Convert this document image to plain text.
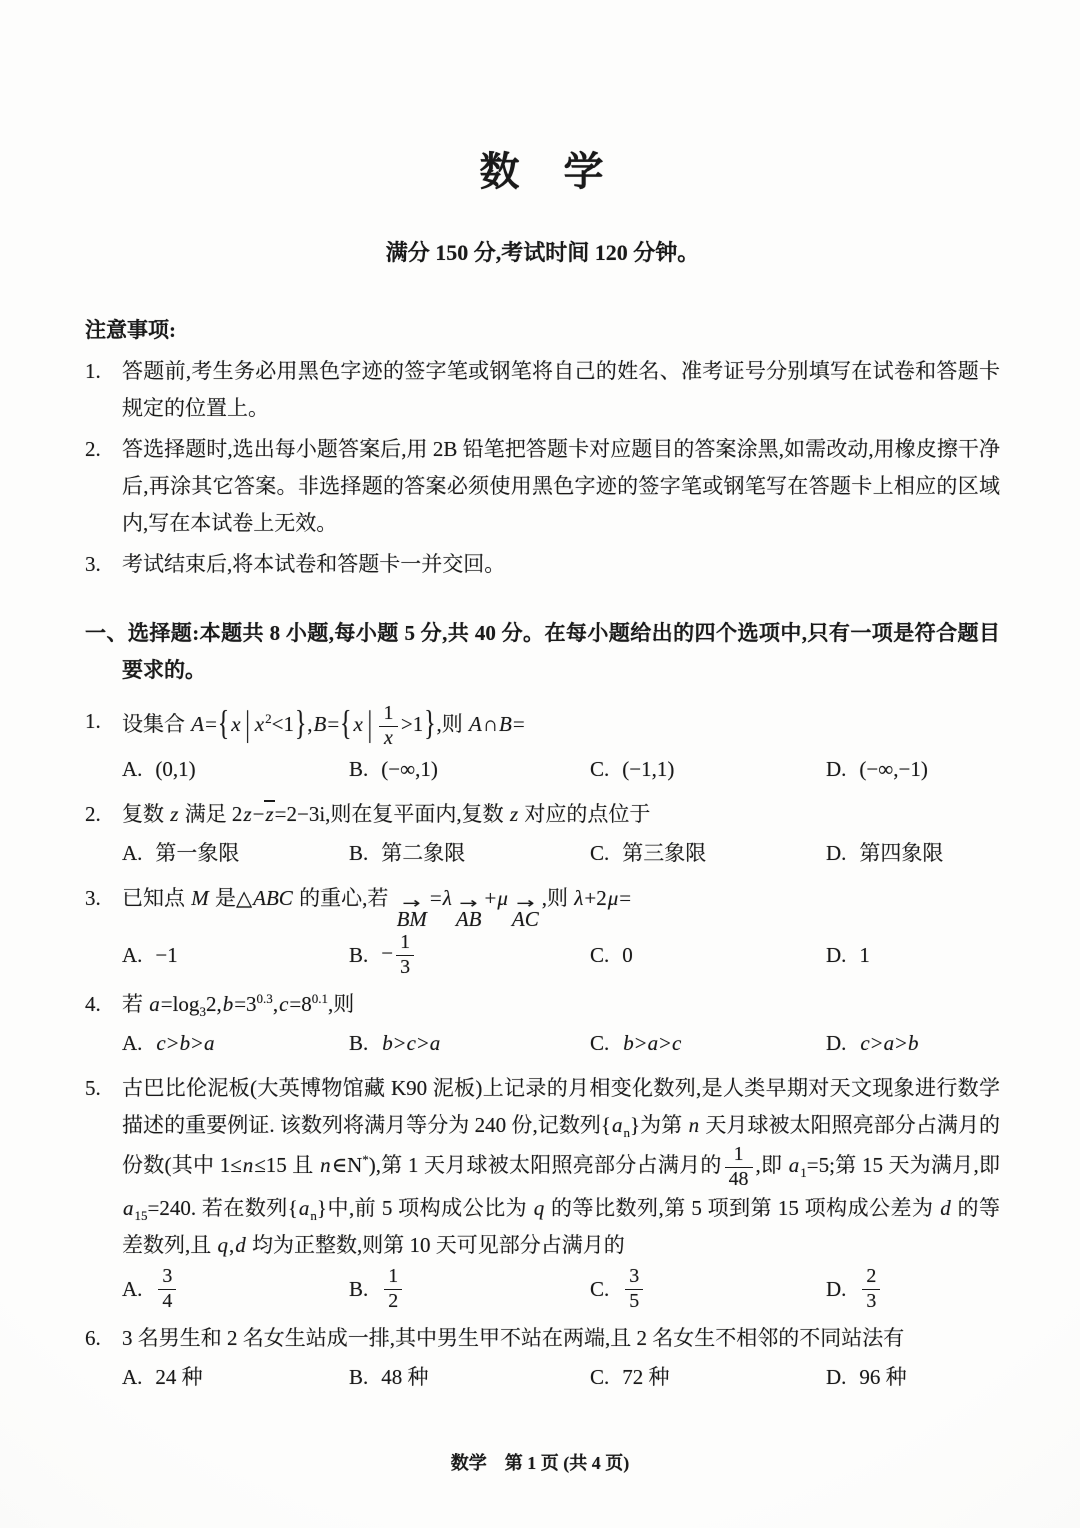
数　学
满分 150 分,考试时间 120 分钟。
注意事项:
1.	答题前,考生务必用黑色字迹的签字笔或钢笔将自己的姓名、准考证号分别填写在试卷和答题卡规定的位置上。
2.	答选择题时,选出每小题答案后,用 2B 铅笔把答题卡对应题目的答案涂黑,如需改动,用橡皮擦干净后,再涂其它答案。非选择题的答案必须使用黑色字迹的签字笔或钢笔写在答题卡上相应的区域内,写在本试卷上无效。
3.	考试结束后,将本试卷和答题卡一并交回。
一、选择题:本题共 8 小题,每小题 5 分,共 40 分。在每小题给出的四个选项中,只有一项是符合题目要求的。
1.	设集合 A={x | $x^2<1\},B=\{x$ | $\frac{1}{x} >1$},则 A∩B=
A. (0,1)	B. (−∞,1)	C. (−1,1)	D. (−∞,−1)
2.	复数 z 满足 2z−z=2−3i,则在复平面内,复数 z 对应的点位于
A. 第一象限	B. 第二象限	C. 第三象限	D. 第四象限
3.	已知点 M 是△ABC 的重心,若 →
BM
=λ →
AB
+μ →
AC
,则 λ+2μ=
A. −1	B. − $\frac{1}{3}$	C. 0	D. 1
4.	若 $a=\log_32,b=3^{0.3},c=8^{0.1}$,则
A. c>b>a	B. b>c>a	C. b>a>c	D. c>a>b
5.	古巴比伦泥板(大英博物馆藏 K90 泥板)上记录的月相变化数列,是人类早期对天文现象进行数学描述的重要例证. 该数列将满月等分为 240 份,记数列$\{a_n\}$为第 n 天月球被太阳照亮部分占满月的份数(其中 1≤n≤15 且 n∈N*),第 1 天月球被太阳照亮部分占满月的 $\frac{1}{48}$ ,即 $a_1=5$;第 15 天为满月,即 $a_{15}=240$. 若在数列$\{a_n\}$中,前 5 项构成公比为 q 的等比数列,第 5 项到第 15 项构成公差为 d 的等差数列,且 q,d 均为正整数,则第 10 天可见部分占满月的
A. $\frac{3}{4}$	B. $\frac{1}{2}$	C. $\frac{3}{5}$	D. $\frac{2}{3}$
6.	3 名男生和 2 名女生站成一排,其中男生甲不站在两端,且 2 名女生不相邻的不同站法有
A. 24 种	B. 48 种	C. 72 种	D. 96 种
数学　第 1 页 (共 4 页)
